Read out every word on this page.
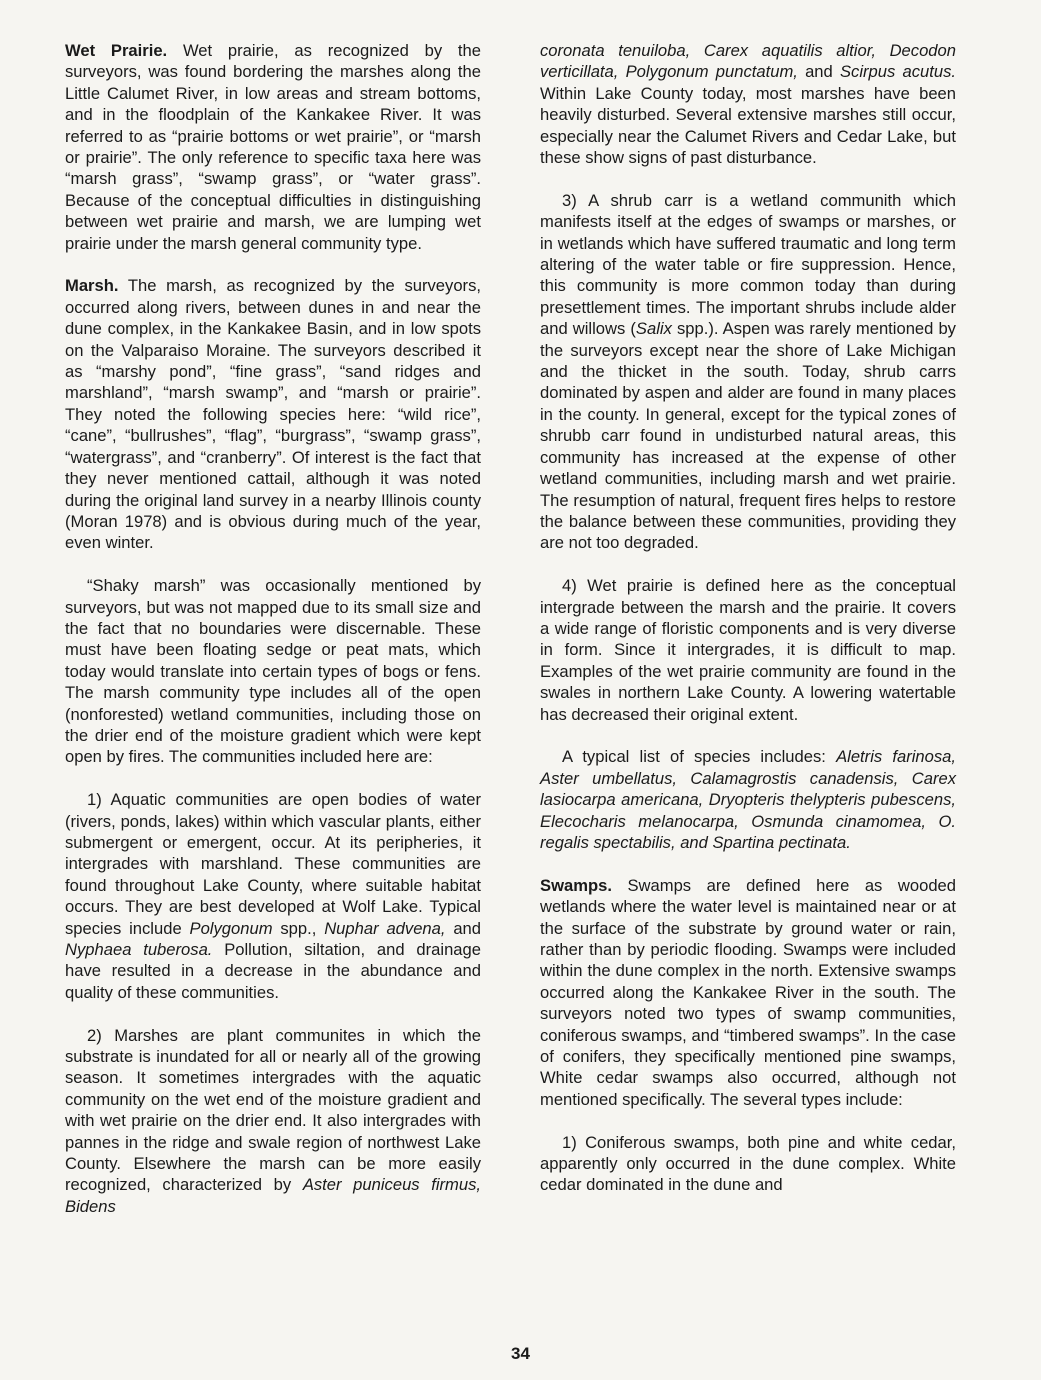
Wet Prairie. Wet prairie, as recognized by the surveyors, was found bordering the marshes along the Little Calumet River, in low areas and stream bottoms, and in the floodplain of the Kankakee River. It was referred to as “prairie bottoms or wet prairie”, or “marsh or prairie”. The only reference to specific taxa here was “marsh grass”, “swamp grass”, or “water grass”. Because of the conceptual difficulties in distinguishing between wet prairie and marsh, we are lumping wet prairie under the marsh general community type.

Marsh. The marsh, as recognized by the surveyors, occurred along rivers, between dunes in and near the dune complex, in the Kankakee Basin, and in low spots on the Valparaiso Moraine. The surveyors described it as “marshy pond”, “fine grass”, “sand ridges and marshland”, “marsh swamp”, and “marsh or prairie”. They noted the following species here: “wild rice”, “cane”, “bullrushes”, “flag”, “burgrass”, “swamp grass”, “watergrass”, and “cranberry”. Of interest is the fact that they never mentioned cattail, although it was noted during the original land survey in a nearby Illinois county (Moran 1978) and is obvious during much of the year, even winter.

“Shaky marsh” was occasionally mentioned by surveyors, but was not mapped due to its small size and the fact that no boundaries were discernable. These must have been floating sedge or peat mats, which today would translate into certain types of bogs or fens. The marsh community type includes all of the open (nonforested) wetland communities, including those on the drier end of the moisture gradient which were kept open by fires. The communities included here are:

1) Aquatic communities are open bodies of water (rivers, ponds, lakes) within which vascular plants, either submergent or emergent, occur. At its peripheries, it intergrades with marshland. These communities are found throughout Lake County, where suitable habitat occurs. They are best developed at Wolf Lake. Typical species include Polygonum spp., Nuphar advena, and Nyphaea tuberosa. Pollution, siltation, and drainage have resulted in a decrease in the abundance and quality of these communities.

2) Marshes are plant communites in which the substrate is inundated for all or nearly all of the growing season. It sometimes intergrades with the aquatic community on the wet end of the moisture gradient and with wet prairie on the drier end. It also intergrades with pannes in the ridge and swale region of northwest Lake County. Elsewhere the marsh can be more easily recognized, characterized by Aster puniceus firmus, Bidens

coronata tenuiloba, Carex aquatilis altior, Decodon verticillata, Polygonum punctatum, and Scirpus acutus. Within Lake County today, most marshes have been heavily disturbed. Several extensive marshes still occur, especially near the Calumet Rivers and Cedar Lake, but these show signs of past disturbance.

3) A shrub carr is a wetland communith which manifests itself at the edges of swamps or marshes, or in wetlands which have suffered traumatic and long term altering of the water table or fire suppression. Hence, this community is more common today than during presettlement times. The important shrubs include alder and willows (Salix spp.). Aspen was rarely mentioned by the surveyors except near the shore of Lake Michigan and the thicket in the south. Today, shrub carrs dominated by aspen and alder are found in many places in the county. In general, except for the typical zones of shrubb carr found in undisturbed natural areas, this community has increased at the expense of other wetland communities, including marsh and wet prairie. The resumption of natural, frequent fires helps to restore the balance between these communities, providing they are not too degraded.

4) Wet prairie is defined here as the conceptual intergrade between the marsh and the prairie. It covers a wide range of floristic components and is very diverse in form. Since it intergrades, it is difficult to map. Examples of the wet prairie community are found in the swales in northern Lake County. A lowering watertable has decreased their original extent.

A typical list of species includes: Aletris farinosa, Aster umbellatus, Calamagrostis canadensis, Carex lasiocarpa americana, Dryopteris thelypteris pubescens, Elecocharis melanocarpa, Osmunda cinamomea, O. regalis spectabilis, and Spartina pectinata.

Swamps. Swamps are defined here as wooded wetlands where the water level is maintained near or at the surface of the substrate by ground water or rain, rather than by periodic flooding. Swamps were included within the dune complex in the north. Extensive swamps occurred along the Kankakee River in the south. The surveyors noted two types of swamp communities, coniferous swamps, and “timbered swamps”. In the case of conifers, they specifically mentioned pine swamps, White cedar swamps also occurred, although not mentioned specifically. The several types include:

1) Coniferous swamps, both pine and white cedar, apparently only occurred in the dune complex. White cedar dominated in the dune and

34
